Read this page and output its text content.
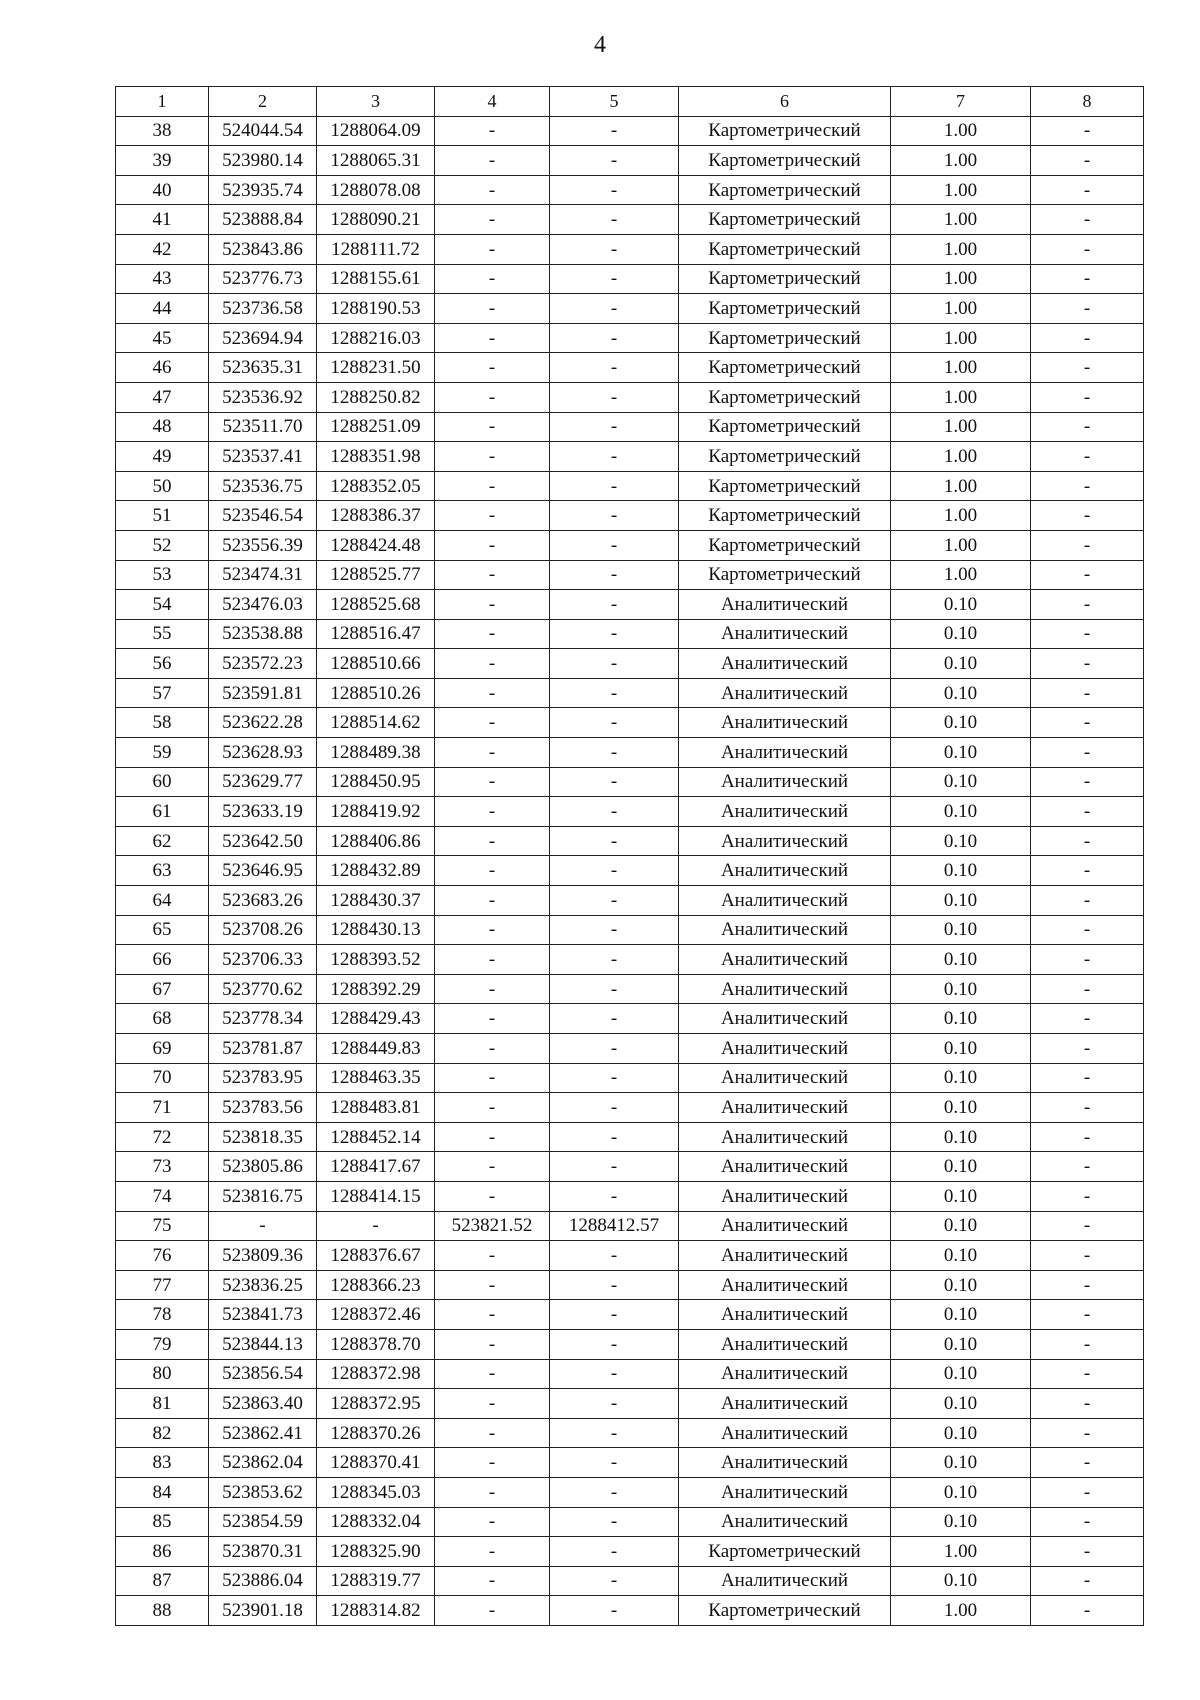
4
1	2	3	4	5	6	7	8
38	524044.54	1288064.09	-	-	Картометрический	1.00	-
39	523980.14	1288065.31	-	-	Картометрический	1.00	-
40	523935.74	1288078.08	-	-	Картометрический	1.00	-
41	523888.84	1288090.21	-	-	Картометрический	1.00	-
42	523843.86	1288111.72	-	-	Картометрический	1.00	-
43	523776.73	1288155.61	-	-	Картометрический	1.00	-
44	523736.58	1288190.53	-	-	Картометрический	1.00	-
45	523694.94	1288216.03	-	-	Картометрический	1.00	-
46	523635.31	1288231.50	-	-	Картометрический	1.00	-
47	523536.92	1288250.82	-	-	Картометрический	1.00	-
48	523511.70	1288251.09	-	-	Картометрический	1.00	-
49	523537.41	1288351.98	-	-	Картометрический	1.00	-
50	523536.75	1288352.05	-	-	Картометрический	1.00	-
51	523546.54	1288386.37	-	-	Картометрический	1.00	-
52	523556.39	1288424.48	-	-	Картометрический	1.00	-
53	523474.31	1288525.77	-	-	Картометрический	1.00	-
54	523476.03	1288525.68	-	-	Аналитический	0.10	-
55	523538.88	1288516.47	-	-	Аналитический	0.10	-
56	523572.23	1288510.66	-	-	Аналитический	0.10	-
57	523591.81	1288510.26	-	-	Аналитический	0.10	-
58	523622.28	1288514.62	-	-	Аналитический	0.10	-
59	523628.93	1288489.38	-	-	Аналитический	0.10	-
60	523629.77	1288450.95	-	-	Аналитический	0.10	-
61	523633.19	1288419.92	-	-	Аналитический	0.10	-
62	523642.50	1288406.86	-	-	Аналитический	0.10	-
63	523646.95	1288432.89	-	-	Аналитический	0.10	-
64	523683.26	1288430.37	-	-	Аналитический	0.10	-
65	523708.26	1288430.13	-	-	Аналитический	0.10	-
66	523706.33	1288393.52	-	-	Аналитический	0.10	-
67	523770.62	1288392.29	-	-	Аналитический	0.10	-
68	523778.34	1288429.43	-	-	Аналитический	0.10	-
69	523781.87	1288449.83	-	-	Аналитический	0.10	-
70	523783.95	1288463.35	-	-	Аналитический	0.10	-
71	523783.56	1288483.81	-	-	Аналитический	0.10	-
72	523818.35	1288452.14	-	-	Аналитический	0.10	-
73	523805.86	1288417.67	-	-	Аналитический	0.10	-
74	523816.75	1288414.15	-	-	Аналитический	0.10	-
75	-	-	523821.52	1288412.57	Аналитический	0.10	-
76	523809.36	1288376.67	-	-	Аналитический	0.10	-
77	523836.25	1288366.23	-	-	Аналитический	0.10	-
78	523841.73	1288372.46	-	-	Аналитический	0.10	-
79	523844.13	1288378.70	-	-	Аналитический	0.10	-
80	523856.54	1288372.98	-	-	Аналитический	0.10	-
81	523863.40	1288372.95	-	-	Аналитический	0.10	-
82	523862.41	1288370.26	-	-	Аналитический	0.10	-
83	523862.04	1288370.41	-	-	Аналитический	0.10	-
84	523853.62	1288345.03	-	-	Аналитический	0.10	-
85	523854.59	1288332.04	-	-	Аналитический	0.10	-
86	523870.31	1288325.90	-	-	Картометрический	1.00	-
87	523886.04	1288319.77	-	-	Аналитический	0.10	-
88	523901.18	1288314.82	-	-	Картометрический	1.00	-
